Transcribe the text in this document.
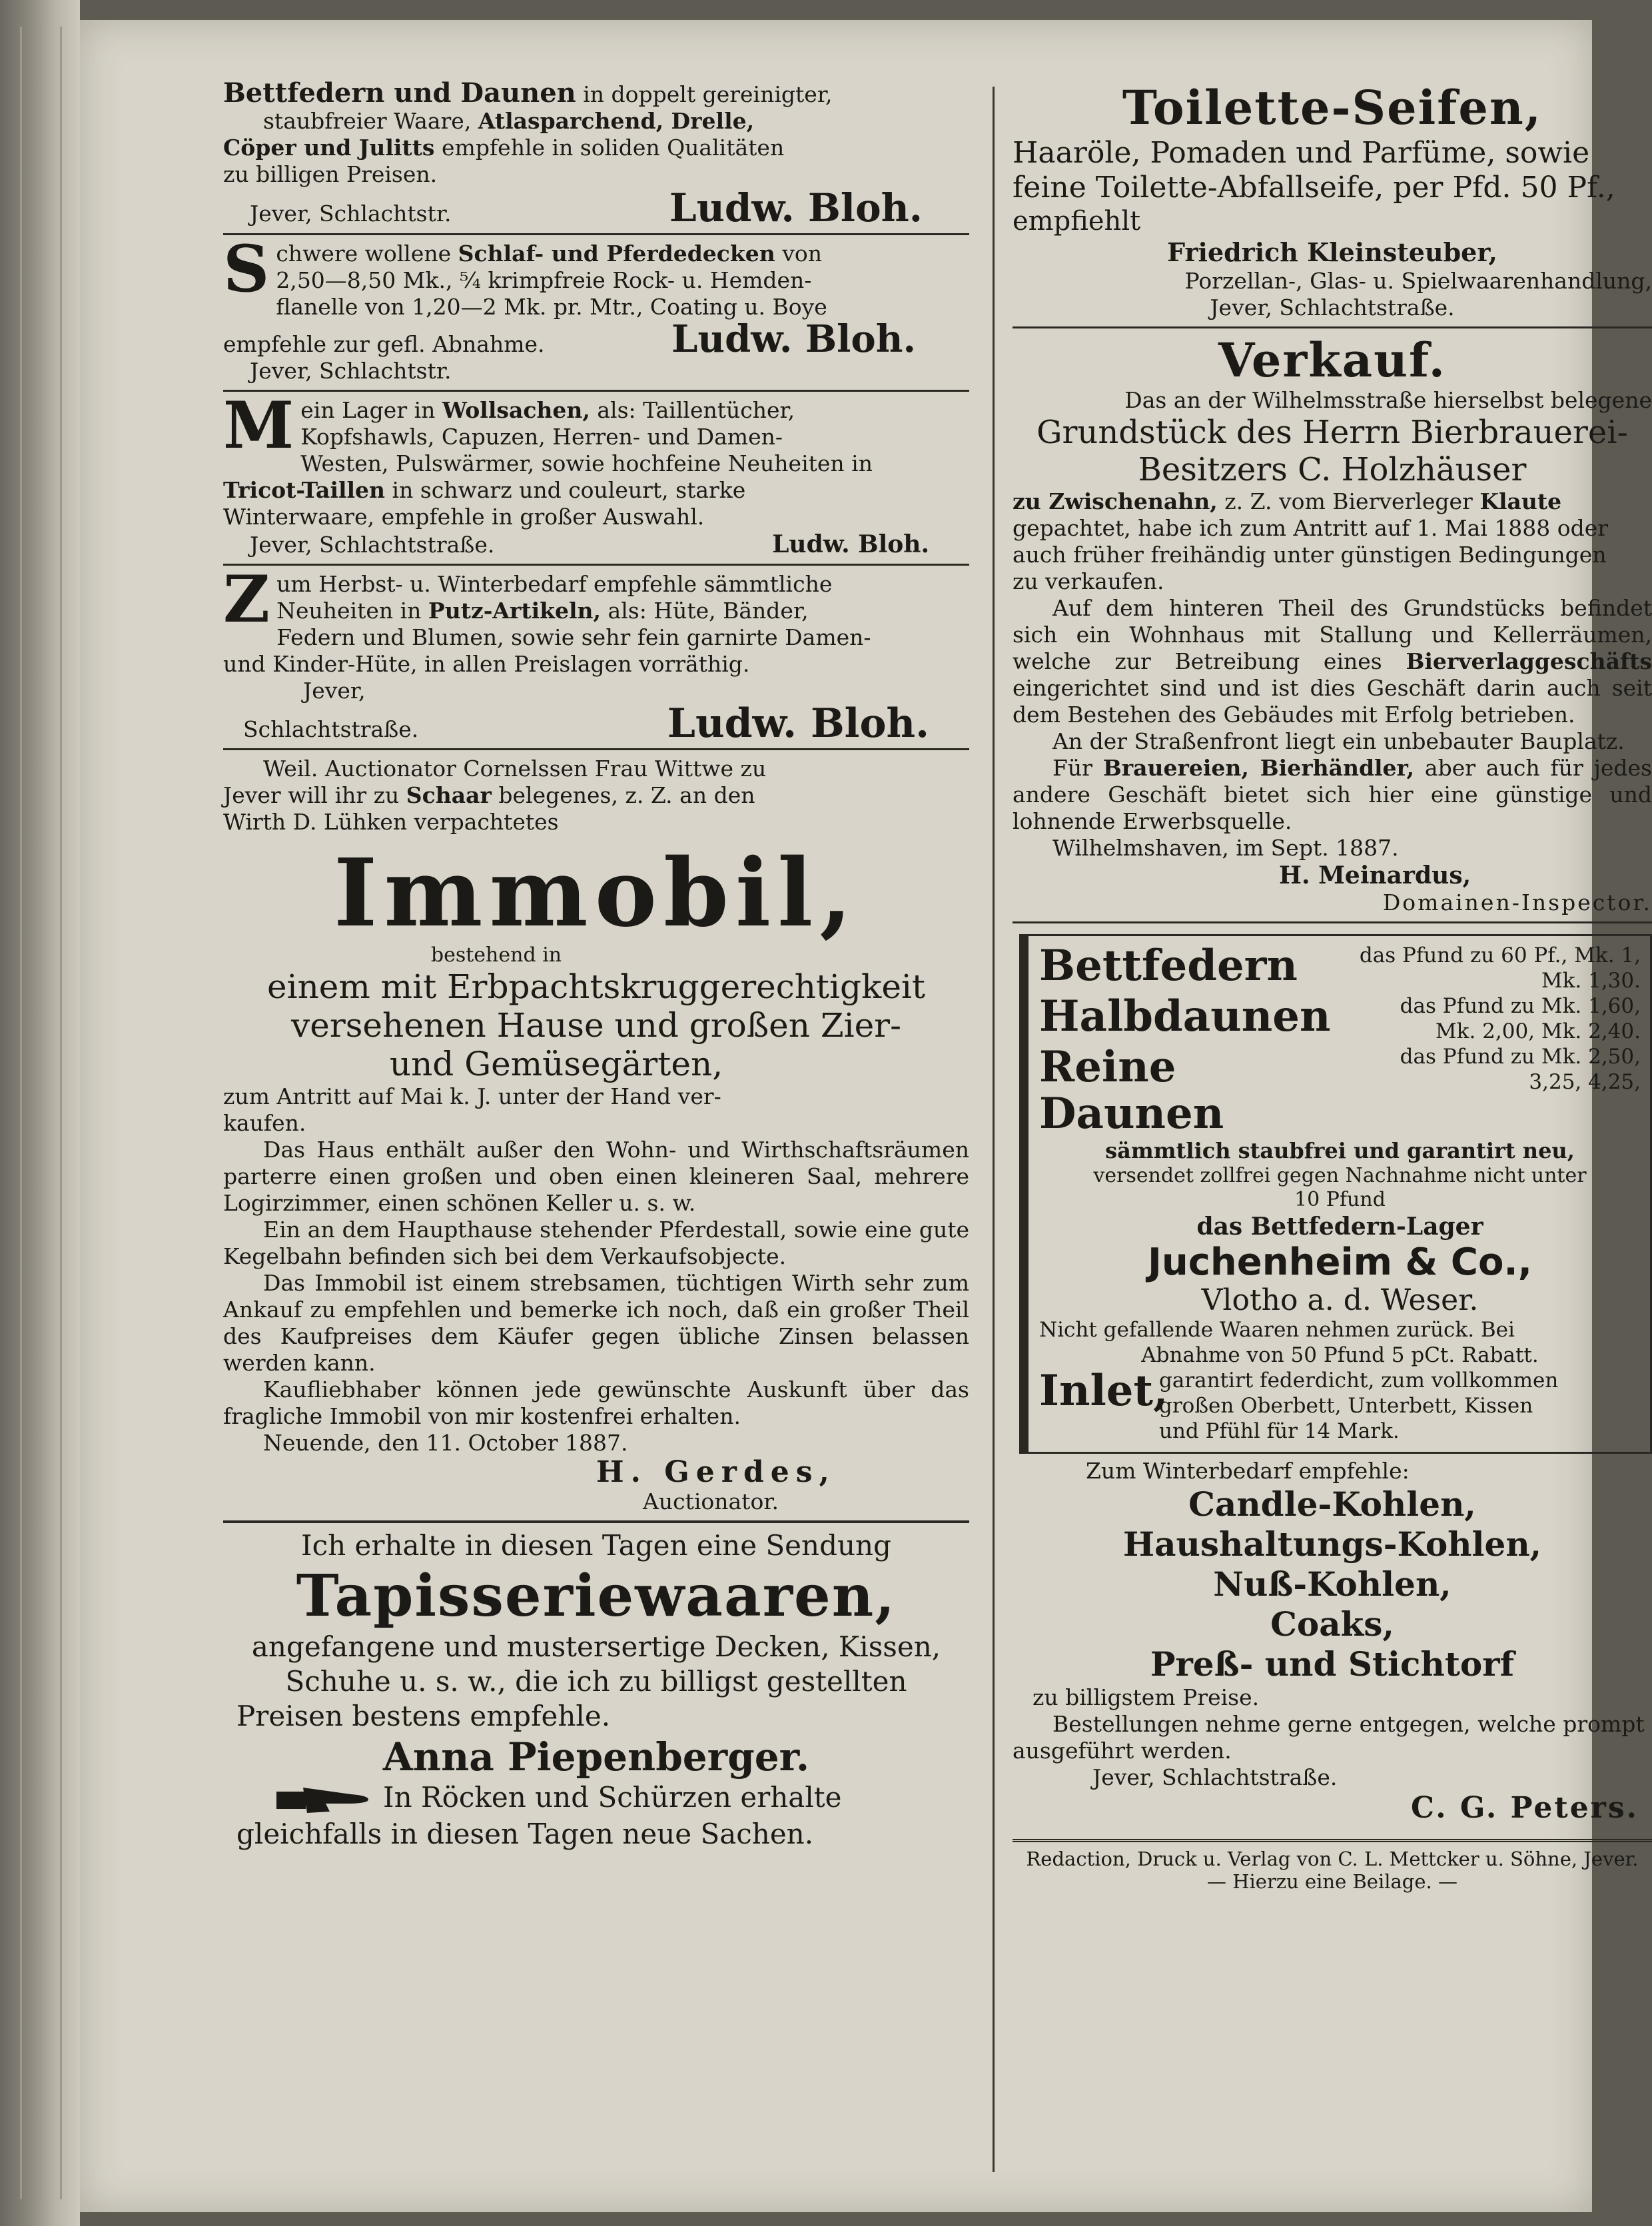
Bettfedern und Daunen in doppelt gereinigter,

staubfreier Waare, Atlasparchend, Drelle,

Cöper und Julitts empfehle in soliden Qualitäten

zu billigen Preisen.

Jever, Schlachtstr.	Ludw. Bloh.
S chwere wollene Schlaf- und Pferdedecken von

2,50—8,50 Mk., ⁵⁄₄ krimpfreie Rock- u. Hemden-

flanelle von 1,20—2 Mk. pr. Mtr., Coating u. Boye

empfehle zur gefl. Abnahme.	Ludw. Bloh.

Jever, Schlachtstr.

M ein Lager in Wollsachen, als: Taillentücher,

Kopfshawls, Capuzen, Herren- und Damen-

Westen, Pulswärmer, sowie hochfeine Neuheiten in

Tricot-Taillen in schwarz und couleurt, starke

Winterwaare, empfehle in großer Auswahl.

Jever, Schlachtstraße.	Ludw. Bloh.
Z um Herbst- u. Winterbedarf empfehle sämmtliche

Neuheiten in Putz-Artikeln, als: Hüte, Bänder,

Federn und Blumen, sowie sehr fein garnirte Damen-

und Kinder-Hüte, in allen Preislagen vorräthig.

Jever,

Schlachtstraße.	Ludw. Bloh.

Weil. Auctionator Cornelssen Frau Wittwe zu

Jever will ihr zu Schaar belegenes, z. Z. an den

Wirth D. Lühken verpachtetes

Immobil,

bestehend in

einem mit Erbpachtskruggerechtigkeit

versehenen Hause und großen Zier-

und Gemüsegärten,

zum Antritt auf Mai k. J. unter der Hand ver-

kaufen.

Das Haus enthält außer den Wohn- und Wirthschaftsräumen parterre einen großen und oben einen kleineren Saal, mehrere Logirzimmer, einen schönen Keller u. s. w.

Ein an dem Haupthause stehender Pferdestall, sowie eine gute Kegelbahn befinden sich bei dem Verkaufsobjecte.

Das Immobil ist einem strebsamen, tüchtigen Wirth sehr zum Ankauf zu empfehlen und bemerke ich noch, daß ein großer Theil des Kaufpreises dem Käufer gegen übliche Zinsen belassen werden kann.

Kaufliebhaber können jede gewünschte Auskunft über das fragliche Immobil von mir kostenfrei erhalten.

Neuende, den 11. October 1887.

H. Gerdes,

Auctionator.

Ich erhalte in diesen Tagen eine Sendung

Tapisseriewaaren,

angefangene und mustersertige Decken, Kissen,

Schuhe u. s. w., die ich zu billigst gestellten

Preisen bestens empfehle.

Anna Piepenberger.

In Röcken und Schürzen erhalte

gleichfalls in diesen Tagen neue Sachen.

Toilette-Seifen,

Haaröle, Pomaden und Parfüme, sowie

feine Toilette-Abfallseife, per Pfd. 50 Pf.,

empfiehlt

Friedrich Kleinsteuber,

Porzellan-, Glas- u. Spielwaarenhandlung,

Jever, Schlachtstraße.

Verkauf.

Das an der Wilhelmsstraße hierselbst belegene

Grundstück des Herrn Bierbrauerei-

Besitzers C. Holzhäuser

zu Zwischenahn, z. Z. vom Bierverleger Klaute

gepachtet, habe ich zum Antritt auf 1. Mai 1888 oder

auch früher freihändig unter günstigen Bedingungen

zu verkaufen.

Auf dem hinteren Theil des Grundstücks befindet sich ein Wohnhaus mit Stallung und Kellerräumen, welche zur Betreibung eines Bierverlaggeschäfts eingerichtet sind und ist dies Geschäft darin auch seit dem Bestehen des Gebäudes mit Erfolg betrieben.

An der Straßenfront liegt ein unbebauter Bauplatz.

Für Brauereien, Bierhändler, aber auch für jedes andere Geschäft bietet sich hier eine günstige und lohnende Erwerbsquelle.

Wilhelmshaven, im Sept. 1887.

H. Meinardus,

Domainen-Inspector.

Bettfedern	das Pfund zu 60 Pf., Mk. 1,
Mk. 1,30.
Halbdaunen	das Pfund zu Mk. 1,60,
Mk. 2,00, Mk. 2,40.
Reine Daunen
das Pfund zu Mk. 2,50,
3,25, 4,25,

sämmtlich staubfrei und garantirt neu,

versendet zollfrei gegen Nachnahme nicht unter

10 Pfund

das Bettfedern-Lager

Juchenheim & Co.,

Vlotho a. d. Weser.

Nicht gefallende Waaren nehmen zurück. Bei

Abnahme von 50 Pfund 5 pCt. Rabatt.

Inlet,
garantirt federdicht, zum vollkommen
großen Oberbett, Unterbett, Kissen
und Pfühl für 14 Mark.

Zum Winterbedarf empfehle:

Candle-Kohlen,

Haushaltungs-Kohlen,

Nuß-Kohlen,

Coaks,

Preß- und Stichtorf

zu billigstem Preise.

Bestellungen nehme gerne entgegen, welche prompt

ausgeführt werden.

Jever, Schlachtstraße.

C. G. Peters.

Redaction, Druck u. Verlag von C. L. Mettcker u. Söhne, Jever.

— Hierzu eine Beilage. —
